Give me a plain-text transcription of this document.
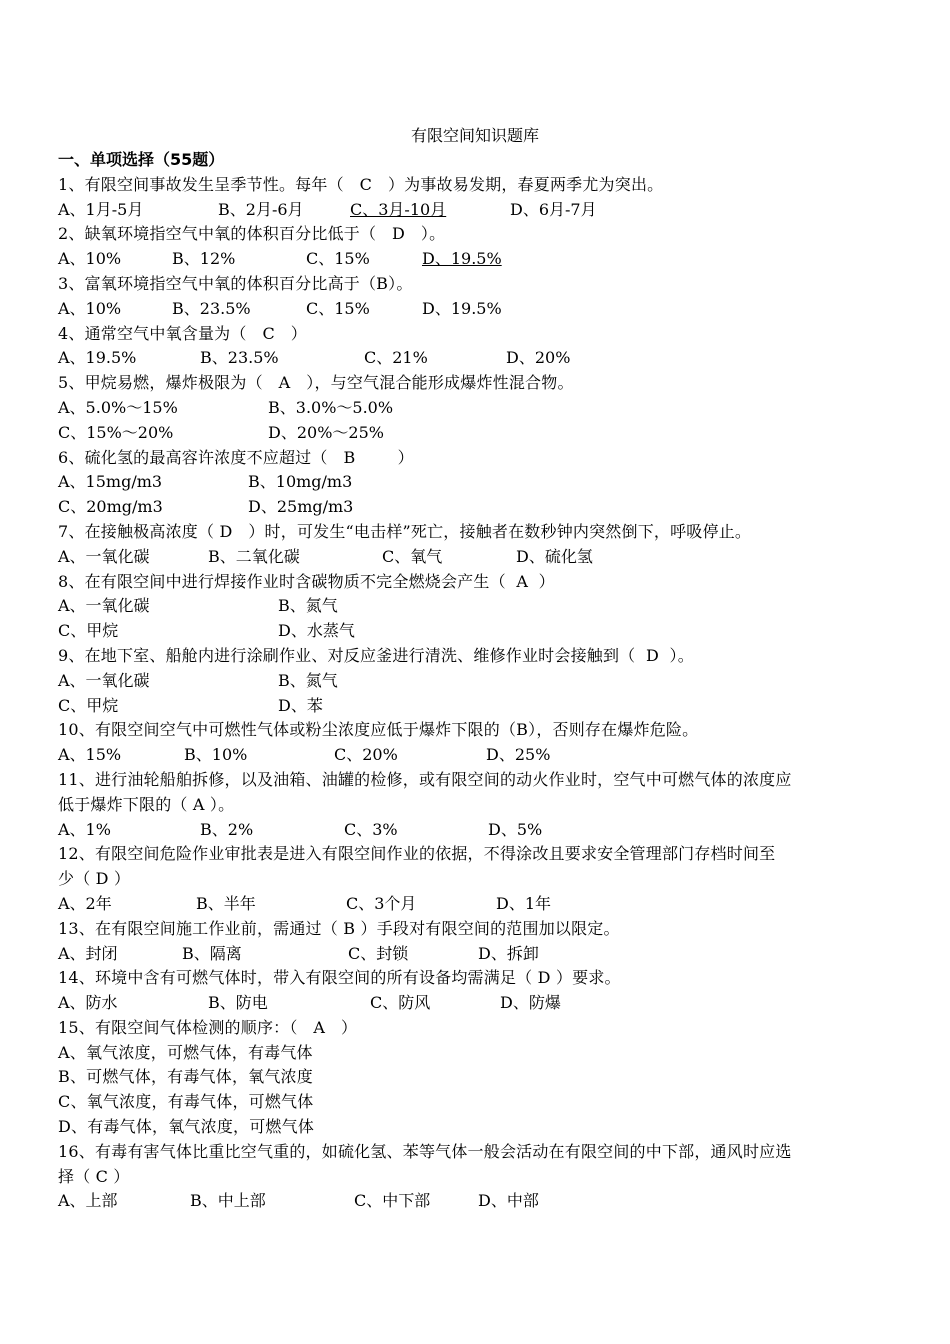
有限空间知识题库
一、单项选择（55题）
1、有限空间事故发生呈季节性。每年（   C   ）为事故易发期，春夏两季尤为突出。
A、1月-5月	B、2月-6月	C、3月-10月	D、6月-7月
2、缺氧环境指空气中氧的体积百分比低于（   D   ）。
A、10%	B、12%	C、15%	D、19.5%
3、富氧环境指空气中氧的体积百分比高于（B）。
A、10%	B、23.5%	C、15%	D、19.5%
4、通常空气中氧含量为（   C   ）
A、19.5%	B、23.5%	C、21%	D、20%
5、甲烷易燃，爆炸极限为（   A   ），与空气混合能形成爆炸性混合物。
A、5.0%～15%	B、3.0%～5.0%
C、15%～20%	D、20%～25%
6、硫化氢的最高容许浓度不应超过（   B        ）
A、15mg/m3	B、10mg/m3
C、20mg/m3	D、25mg/m3
7、在接触极高浓度（ D   ）时，可发生“电击样”死亡，接触者在数秒钟内突然倒下，呼吸停止。
A、一氧化碳	B、二氧化碳	C、氧气	D、硫化氢
8、在有限空间中进行焊接作业时含碳物质不完全燃烧会产生（  A  ）
A、一氧化碳	B、氮气
C、甲烷	D、水蒸气
9、在地下室、船舱内进行涂刷作业、对反应釜进行清洗、维修作业时会接触到（  D  ）。
A、一氧化碳	B、氮气
C、甲烷	D、苯
10、有限空间空气中可燃性气体或粉尘浓度应低于爆炸下限的（B），否则存在爆炸危险。
A、15%	B、10%	C、20%	D、25%
11、进行油轮船舶拆修，以及油箱、油罐的检修，或有限空间的动火作业时，空气中可燃气体的浓度应
低于爆炸下限的（ A ）。
A、1%	B、2%	C、3%	D、5%
12、有限空间危险作业审批表是进入有限空间作业的依据，不得涂改且要求安全管理部门存档时间至
少（ D ）
A、2年	B、半年	C、3个月	D、1年
13、在有限空间施工作业前，需通过（ B ）手段对有限空间的范围加以限定。
A、封闭	B、隔离	C、封锁	D、拆卸
14、环境中含有可燃气体时，带入有限空间的所有设备均需满足（ D ）要求。
A、防水	B、防电	C、防风	D、防爆
15、有限空间气体检测的顺序：（   A   ）
A、氧气浓度，可燃气体，有毒气体
B、可燃气体，有毒气体，氧气浓度
C、氧气浓度，有毒气体，可燃气体
D、有毒气体，氧气浓度，可燃气体
16、有毒有害气体比重比空气重的，如硫化氢、苯等气体一般会活动在有限空间的中下部，通风时应选
择（ C ）
A、上部	B、中上部	C、中下部	D、中部
